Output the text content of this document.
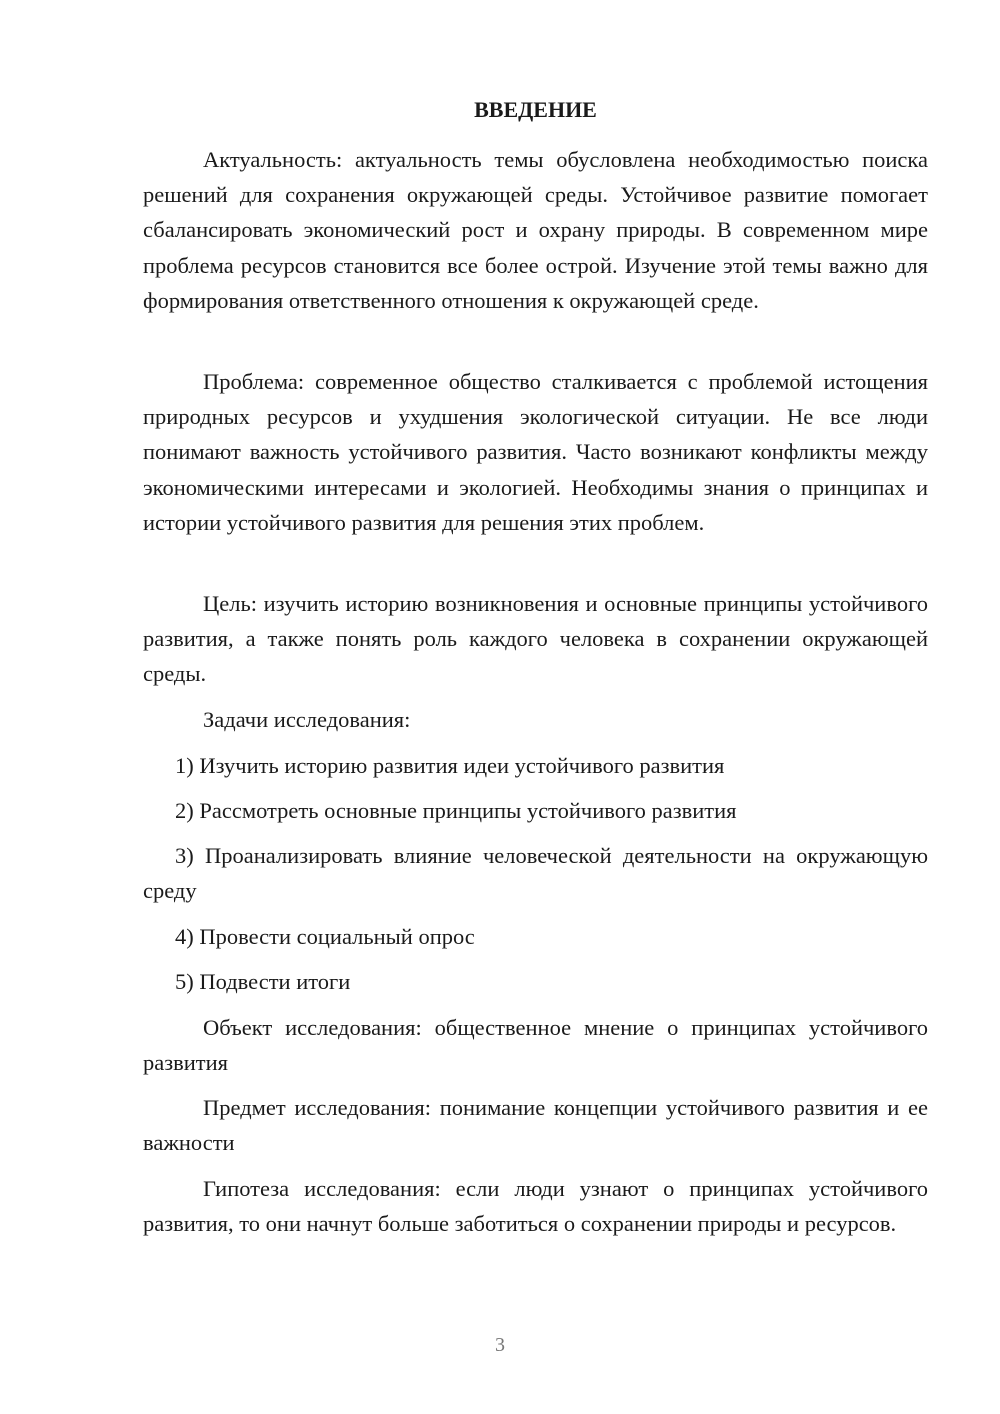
ВВЕДЕНИЕ

Актуальность: актуальность темы обусловлена необходимостью поиска решений для сохранения окружающей среды. Устойчивое развитие помогает сбалансировать экономический рост и охрану природы. В современном мире проблема ресурсов становится все более острой. Изучение этой темы важно для формирования ответственного отношения к окружающей среде.

Проблема: современное общество сталкивается с проблемой истощения природных ресурсов и ухудшения экологической ситуации. Не все люди понимают важность устойчивого развития. Часто возникают конфликты между экономическими интересами и экологией. Необходимы знания о принципах и истории устойчивого развития для решения этих проблем.

Цель: изучить историю возникновения и основные принципы устойчивого развития, а также понять роль каждого человека в сохранении окружающей среды.

Задачи исследования:

1) Изучить историю развития идеи устойчивого развития

2) Рассмотреть основные принципы устойчивого развития

3) Проанализировать влияние человеческой деятельности на окружающую среду

4) Провести социальный опрос

5) Подвести итоги

Объект исследования: общественное мнение о принципах устойчивого развития

Предмет исследования: понимание концепции устойчивого развития и ее важности

Гипотеза исследования: если люди узнают о принципах устойчивого развития, то они начнут больше заботиться о сохранении природы и ресурсов.

3
